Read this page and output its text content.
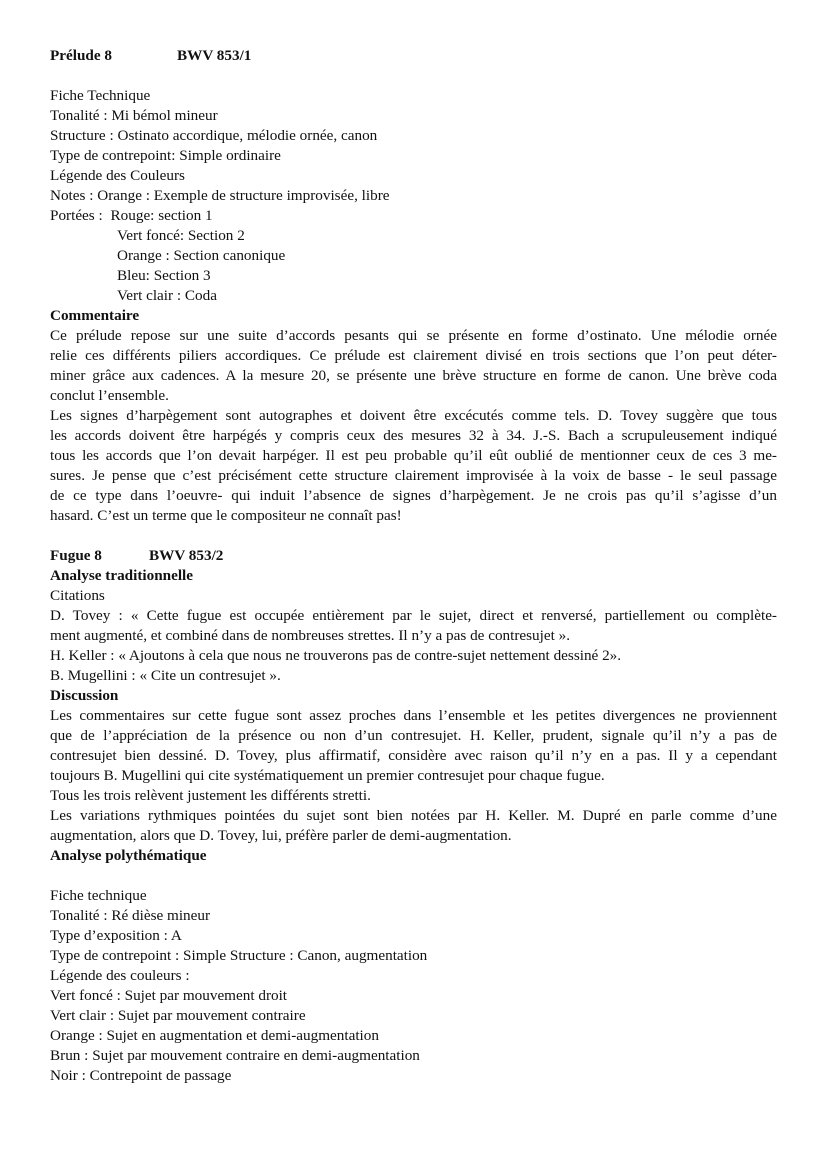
Prélude 8	BWV 853/1
Fiche Technique
Tonalité : Mi bémol mineur
Structure : Ostinato accordique, mélodie ornée, canon
Type de contrepoint: Simple ordinaire
Légende des Couleurs
Notes : Orange : Exemple de structure improvisée, libre
Portées : Rouge: section 1
Vert foncé: Section 2
Orange : Section canonique
Bleu: Section 3
Vert clair : Coda
Commentaire
Ce prélude repose sur une suite d’accords pesants qui se présente en forme d’ostinato. Une mélodie ornée
relie ces différents piliers accordiques. Ce prélude est clairement divisé en trois sections que l’on peut déter-
miner grâce aux cadences. A la mesure 20, se présente une brève structure en forme de canon. Une brève coda
conclut l’ensemble.
Les signes d’harpègement sont autographes et doivent être excécutés comme tels. D. Tovey suggère que tous
les accords doivent être harpégés y compris ceux des mesures 32 à 34. J.-S. Bach a scrupuleusement indiqué
tous les accords que l’on devait harpéger. Il est peu probable qu’il eût oublié de mentionner ceux de ces 3 me-
sures. Je pense que c’est précisément cette structure clairement improvisée à la voix de basse - le seul passage
de ce type dans l’oeuvre- qui induit l’absence de signes d’harpègement. Je ne crois pas qu’il s’agisse d’un
hasard. C’est un terme que le compositeur ne connaît pas!
Fugue 8	BWV 853/2
Analyse traditionnelle
Citations
D. Tovey : « Cette fugue est occupée entièrement par le sujet, direct et renversé, partiellement ou complète-
ment augmenté, et combiné dans de nombreuses strettes. Il n’y a pas de contresujet ».
H. Keller : « Ajoutons à cela que nous ne trouverons pas de contre-sujet nettement dessiné 2».
B. Mugellini : « Cite un contresujet ».
Discussion
Les commentaires sur cette fugue sont assez proches dans l’ensemble et les petites divergences ne proviennent
que de l’appréciation de la présence ou non d’un contresujet. H. Keller, prudent, signale qu’il n’y a pas de
contresujet bien dessiné. D. Tovey, plus affirmatif, considère avec raison qu’il n’y en a pas. Il y a cependant
toujours B. Mugellini qui cite systématiquement un premier contresujet pour chaque fugue.
Tous les trois relèvent justement les différents stretti.
Les variations rythmiques pointées du sujet sont bien notées par H. Keller. M. Dupré en parle comme d’une
augmentation, alors que D. Tovey, lui, préfère parler de demi-augmentation.
Analyse polythématique
Fiche technique
Tonalité : Ré dièse mineur
Type d’exposition : A
Type de contrepoint : Simple Structure : Canon, augmentation
Légende des couleurs :
Vert foncé : Sujet par mouvement droit
Vert clair : Sujet par mouvement contraire
Orange : Sujet en augmentation et demi-augmentation
Brun : Sujet par mouvement contraire en demi-augmentation
Noir : Contrepoint de passage
